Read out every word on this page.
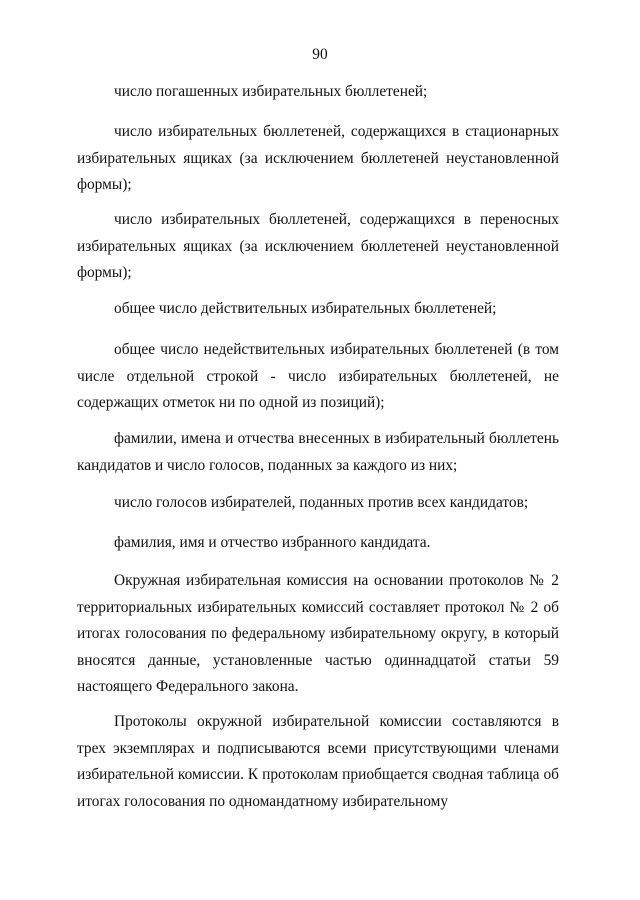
90

число погашенных избирательных бюллетеней;

число избирательных бюллетеней, содержащихся в стационарных избирательных ящиках (за исключением бюллетеней неустановленной формы);

число избирательных бюллетеней, содержащихся в переносных избирательных ящиках (за исключением бюллетеней неустановленной формы);

общее число действительных избирательных бюллетеней;

общее число недействительных избирательных бюллетеней (в том числе отдельной строкой - число избирательных бюллетеней, не содержащих отметок ни по одной из позиций);

фамилии, имена и отчества внесенных в избирательный бюллетень кандидатов и число голосов, поданных за каждого из них;

число голосов избирателей, поданных против всех кандидатов;

фамилия, имя и отчество избранного кандидата.

Окружная избирательная комиссия на основании протоколов № 2 территориальных избирательных комиссий составляет протокол № 2 об итогах голосования по федеральному избирательному округу, в который вносятся данные, установленные частью одиннадцатой статьи 59 настоящего Федерального закона.

Протоколы окружной избирательной комиссии составляются в трех экземплярах и подписываются всеми присутствующими членами избирательной комиссии. К протоколам приобщается сводная таблица об итогах голосования по одномандатному избирательному
